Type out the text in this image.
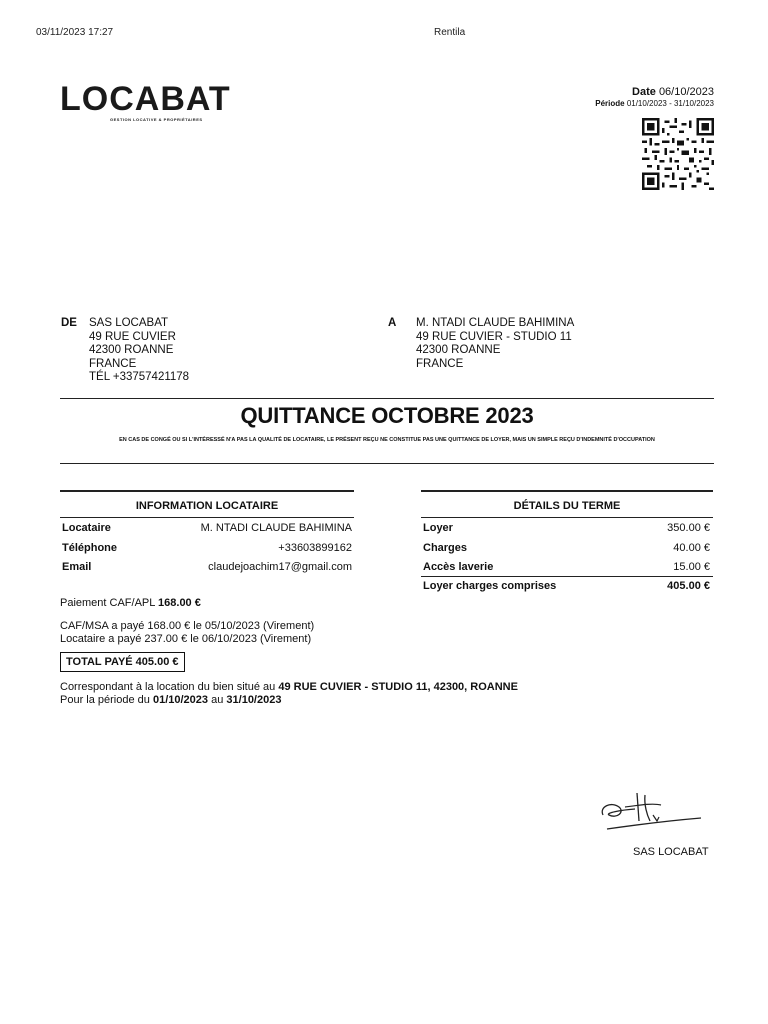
03/11/2023 17:27	Rentila
LOCABAT
GESTION LOCATIVE & PROPRIÉTAIRES
Date 06/10/2023
Période 01/10/2023 - 31/10/2023
DE SAS LOCABAT
49 RUE CUVIER
42300 ROANNE
FRANCE
TÉL +33757421178
A M. NTADI CLAUDE BAHIMINA
49 RUE CUVIER - STUDIO 11
42300 ROANNE
FRANCE
QUITTANCE OCTOBRE 2023
EN CAS DE CONGÉ OU SI L'INTÉRESSÉ N'A PAS LA QUALITÉ DE LOCATAIRE, LE PRÉSENT REÇU NE CONSTITUE PAS UNE QUITTANCE DE LOYER, MAIS UN SIMPLE REÇU D'INDEMNITÉ D'OCCUPATION
INFORMATION LOCATAIRE
Locataire	M. NTADI CLAUDE BAHIMINA
Téléphone	+33603899162
Email	claudejoachim17@gmail.com
DÉTAILS DU TERME
Loyer	350.00 €
Charges	40.00 €
Accès laverie	15.00 €
Loyer charges comprises	405.00 €
Paiement CAF/APL 168.00 €
CAF/MSA a payé 168.00 € le 05/10/2023 (Virement)
Locataire a payé 237.00 € le 06/10/2023 (Virement)
TOTAL PAYÉ 405.00 €
Correspondant à la location du bien situé au 49 RUE CUVIER - STUDIO 11, 42300, ROANNE
Pour la période du 01/10/2023 au 31/10/2023
SAS LOCABAT
